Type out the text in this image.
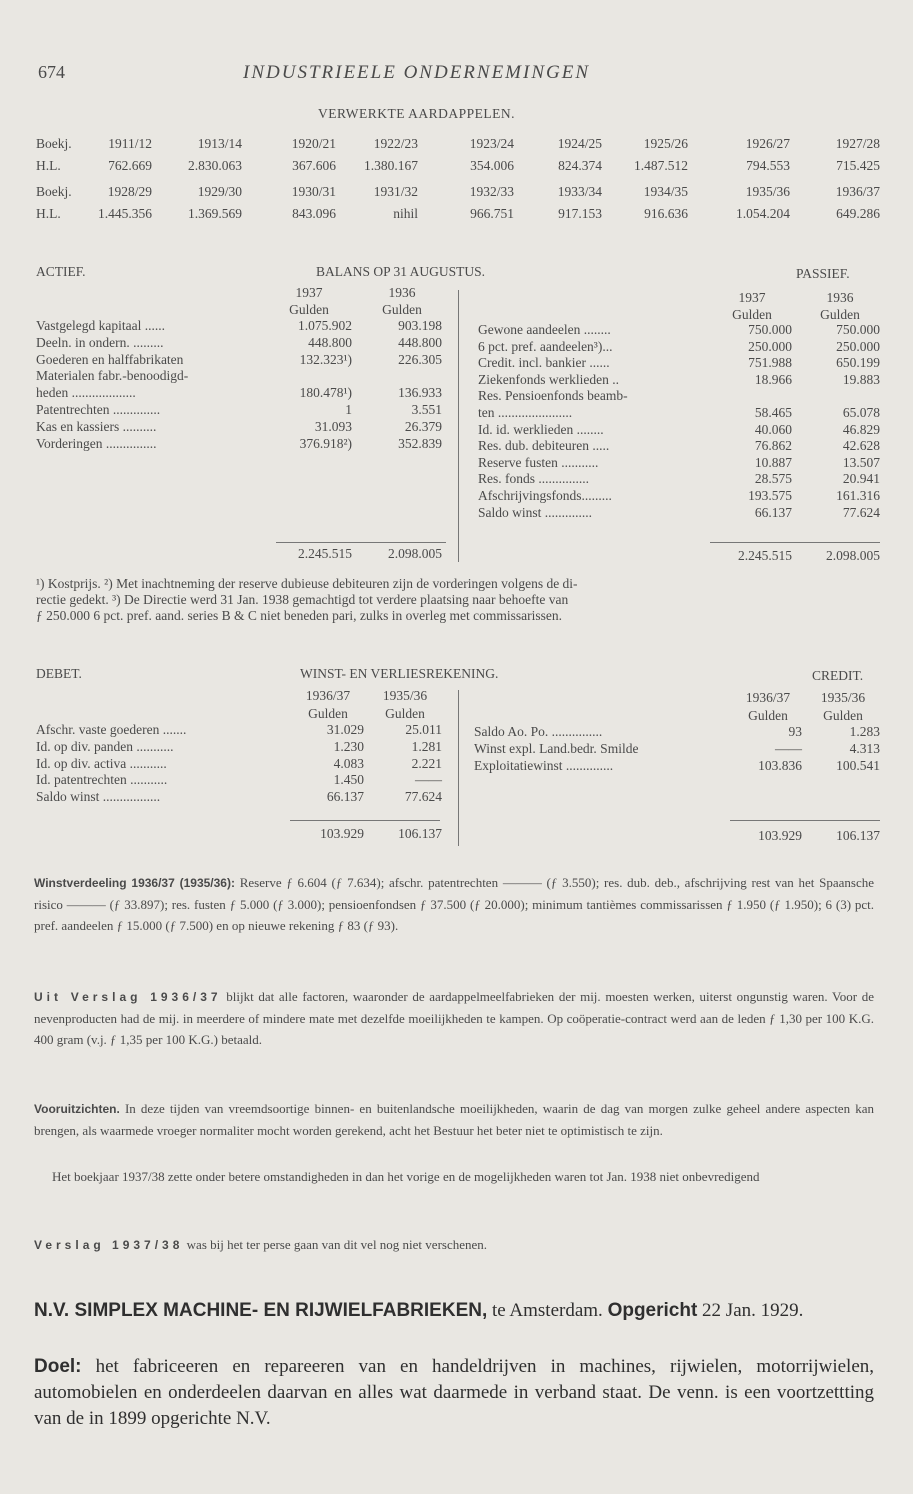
674	INDUSTRIEELE ONDERNEMINGEN
VERWERKTE AARDAPPELEN.
Boekj.	1911/12	1913/14	1920/21	1922/23	1923/24	1924/25	1925/26	1926/27	1927/28
H.L.	762.669	2.830.063	367.606	1.380.167	354.006	824.374	1.487.512	794.553	715.425
Boekj.	1928/29	1929/30	1930/31	1931/32	1932/33	1933/34	1934/35	1935/36	1936/37
H.L.	1.445.356	1.369.569	843.096	nihil	966.751	917.153	916.636	1.054.204	649.286
ACTIEF.	BALANS OP 31 AUGUSTUS.	PASSIEF.
1937	1936
Gulden	Gulden
1937	1936
Gulden	Gulden
Vastgelegd kapitaal ......	1.075.902	903.198
Deeln. in ondern. .........	448.800	448.800
Goederen en halffabrikaten	132.323¹)	226.305
Materialen fabr.-benoodigd-
heden ...................	180.478¹)	136.933
Patentrechten ..............	1	3.551
Kas en kassiers ..........	31.093	26.379
Vorderingen ...............	376.918²)	352.839
Gewone aandeelen ........	750.000	750.000
6 pct. pref. aandeelen³)...	250.000	250.000
Credit. incl. bankier ......	751.988	650.199
Ziekenfonds werklieden ..	18.966	19.883
Res. Pensioenfonds beamb-
ten ......................	58.465	65.078
Id. id. werklieden ........	40.060	46.829
Res. dub. debiteuren .....	76.862	42.628
Reserve fusten ...........	10.887	13.507
Res. fonds ...............	28.575	20.941
Afschrijvingsfonds.........	193.575	161.316
Saldo winst ..............	66.137	77.624
2.245.515	2.098.005	2.245.515	2.098.005
¹) Kostprijs. ²) Met inachtneming der reserve dubieuse debiteuren zijn de vorderingen volgens de di-
rectie gedekt. ³) De Directie werd 31 Jan. 1938 gemachtigd tot verdere plaatsing naar behoefte van
ƒ 250.000 6 pct. pref. aand. series B & C niet beneden pari, zulks in overleg met commissarissen.
DEBET.	WINST- EN VERLIESREKENING.	CREDIT.
1936/37	1935/36
Gulden	Gulden
1936/37	1935/36
Gulden	Gulden
Afschr. vaste goederen .......	31.029	25.011
Id. op div. panden ...........	1.230	1.281
Id. op div. activa ...........	4.083	2.221
Id. patentrechten ...........	1.450	——
Saldo winst .................	66.137	77.624
Saldo Ao. Po. ...............	93	1.283
Winst expl. Land.bedr. Smilde	——	4.313
Exploitatiewinst ..............	103.836	100.541
103.929	106.137	103.929	106.137
Winstverdeeling 1936/37 (1935/36): Reserve ƒ 6.604 (ƒ 7.634); afschr. patentrechten ——— (ƒ 3.550); res. dub. deb., afschrijving rest van het Spaansche risico ——— (ƒ 33.897); res. fusten ƒ 5.000 (ƒ 3.000); pensioenfondsen ƒ 37.500 (ƒ 20.000); minimum tantièmes commissarissen ƒ 1.950 (ƒ 1.950); 6 (3) pct. pref. aandeelen ƒ 15.000 (ƒ 7.500) en op nieuwe rekening ƒ 83 (ƒ 93).
Uit Verslag 1936/37 blijkt dat alle factoren, waaronder de aardappelmeelfabrieken der mij. moesten werken, uiterst ongunstig waren. Voor de nevenproducten had de mij. in meerdere of mindere mate met dezelfde moeilijkheden te kampen. Op coöperatie-contract werd aan de leden ƒ 1,30 per 100 K.G. 400 gram (v.j. ƒ 1,35 per 100 K.G.) betaald.
Vooruitzichten. In deze tijden van vreemdsoortige binnen- en buitenlandsche moeilijkheden, waarin de dag van morgen zulke geheel andere aspecten kan brengen, als waarmede vroeger normaliter mocht worden gerekend, acht het Bestuur het beter niet te optimistisch te zijn.
Het boekjaar 1937/38 zette onder betere omstandigheden in dan het vorige en de mogelijkheden waren tot Jan. 1938 niet onbevredigend
Verslag 1937/38 was bij het ter perse gaan van dit vel nog niet verschenen.
N.V. SIMPLEX MACHINE- EN RIJWIELFABRIEKEN, te Amsterdam. Opgericht 22 Jan. 1929.
Doel: het fabriceeren en repareeren van en handeldrijven in machines, rijwielen, motorrijwielen, automobielen en onderdeelen daarvan en alles wat daarmede in verband staat. De venn. is een voortzettting van de in 1899 opgerichte N.V.
